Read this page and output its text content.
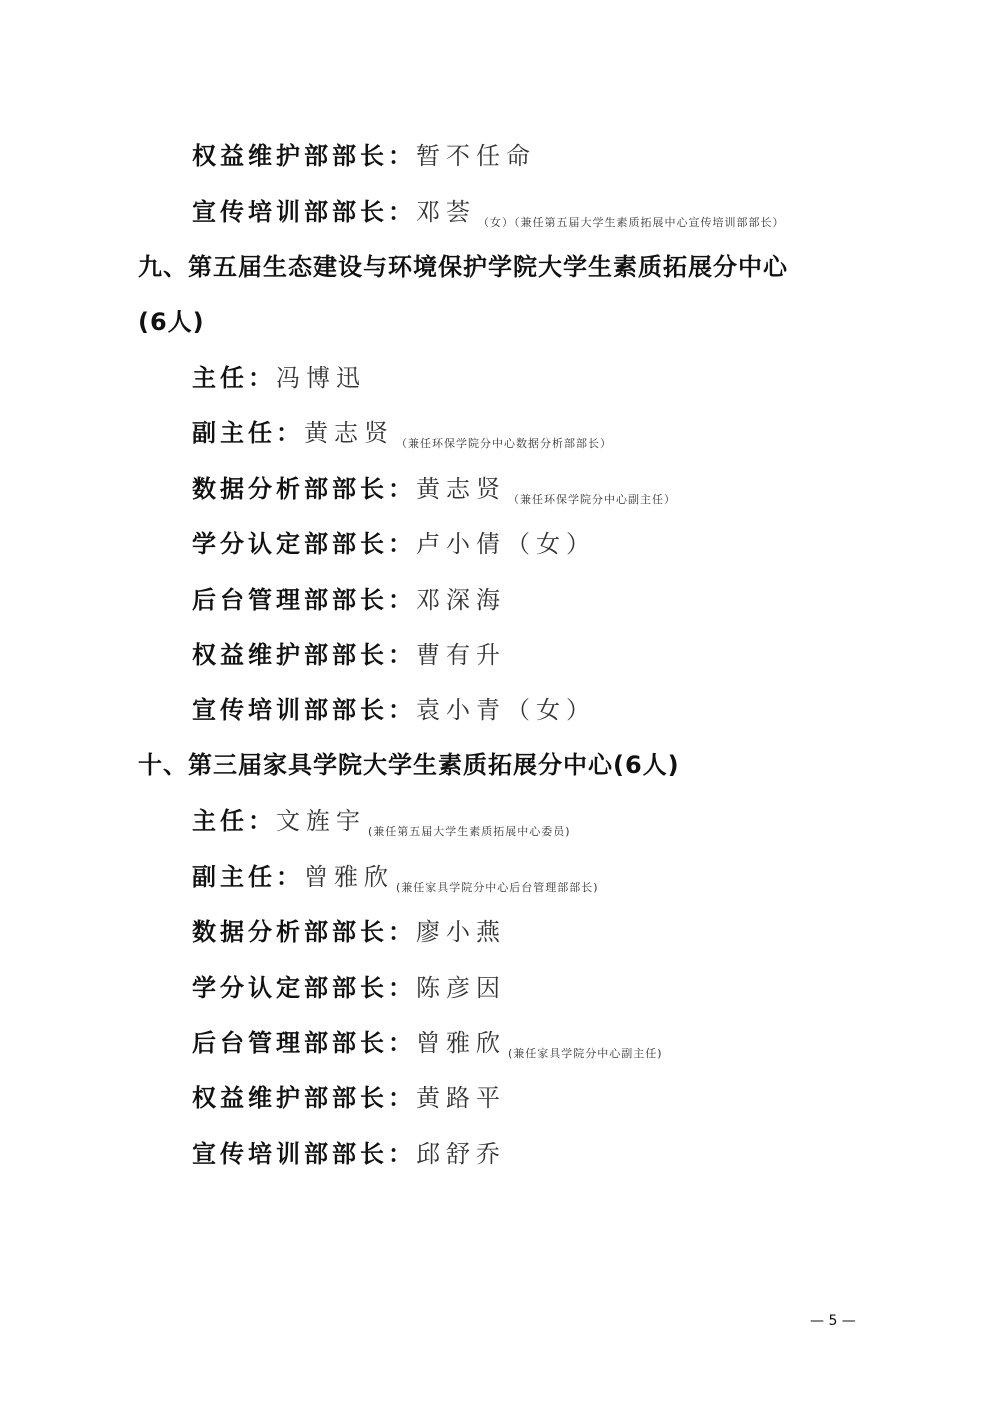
权益维护部部长：暂不任命
宣传培训部部长：邓荟 （女）（兼任第五届大学生素质拓展中心宣传培训部部长）
九、第五届生态建设与环境保护学院大学生素质拓展分中心
(6人)
主任：冯博迅
副主任：黄志贤 （兼任环保学院分中心数据分析部部长）
数据分析部部长：黄志贤 （兼任环保学院分中心副主任）
学分认定部部长：卢小倩（女）
后台管理部部长：邓深海
权益维护部部长：曹有升
宣传培训部部长：袁小青（女）
十、第三届家具学院大学生素质拓展分中心(6人)
主任：文旌宇 (兼任第五届大学生素质拓展中心委员)
副主任：曾雅欣 (兼任家具学院分中心后台管理部部长)
数据分析部部长：廖小燕
学分认定部部长：陈彦因
后台管理部部长：曾雅欣 (兼任家具学院分中心副主任)
权益维护部部长：黄路平
宣传培训部部长：邱舒乔
— 5 —
